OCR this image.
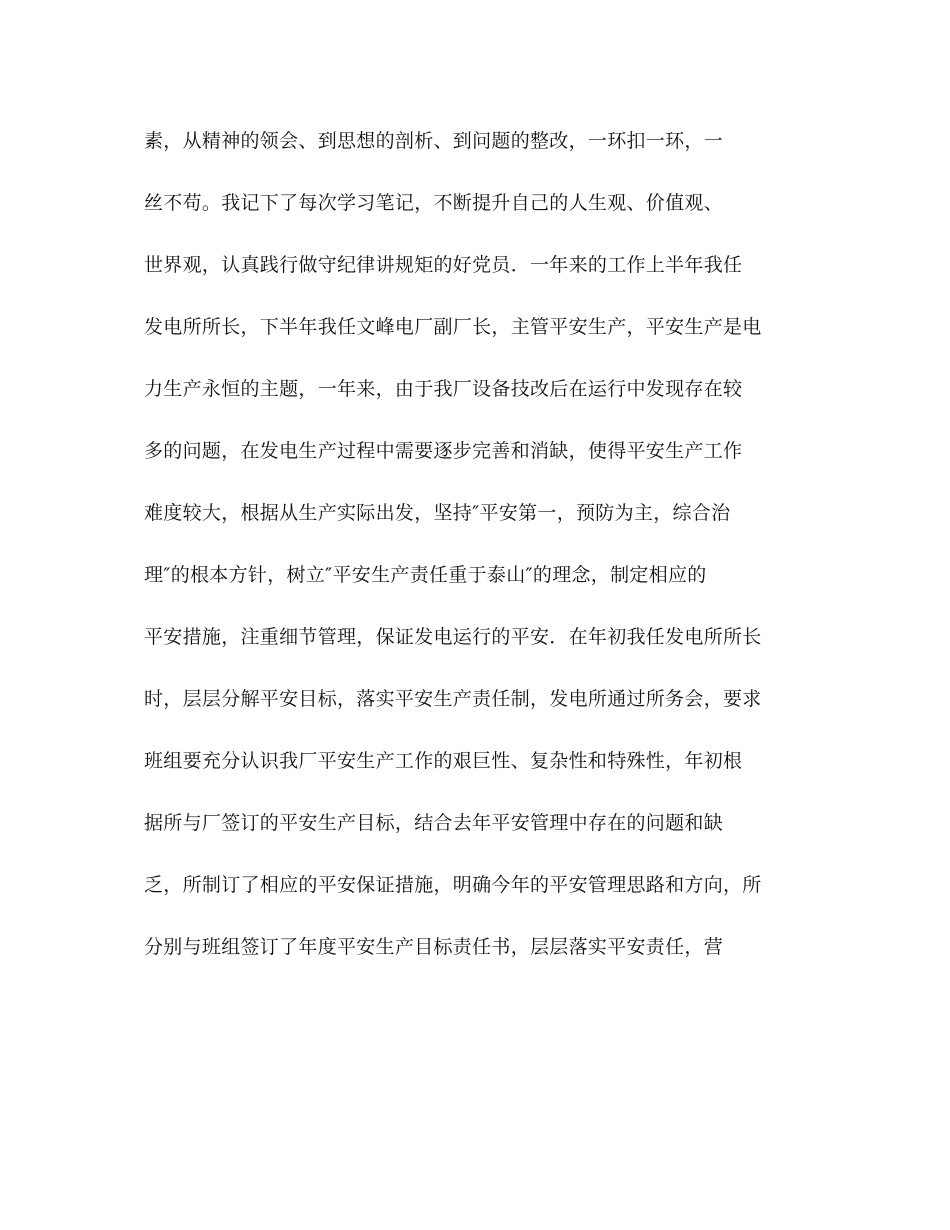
素，从精神的领会、到思想的剖析、到问题的整改，一环扣一环，一
丝不苟。我记下了每次学习笔记，不断提升自己的人生观、价值观、
世界观，认真践行做守纪律讲规矩的好党员．一年来的工作上半年我任
发电所所长，下半年我任文峰电厂副厂长，主管平安生产，平安生产是电
力生产永恒的主题，一年来，由于我厂设备技改后在运行中发现存在较
多的问题，在发电生产过程中需要逐步完善和消缺，使得平安生产工作
难度较大，根据从生产实际出发，坚持″平安第一，预防为主，综合治
理″的根本方针，树立″平安生产责任重于泰山″的理念，制定相应的
平安措施，注重细节管理，保证发电运行的平安．在年初我任发电所所长
时，层层分解平安目标，落实平安生产责任制，发电所通过所务会，要求
班组要充分认识我厂平安生产工作的艰巨性、复杂性和特殊性，年初根
据所与厂签订的平安生产目标，结合去年平安管理中存在的问题和缺
乏，所制订了相应的平安保证措施，明确今年的平安管理思路和方向，所
分别与班组签订了年度平安生产目标责任书，层层落实平安责任，营
